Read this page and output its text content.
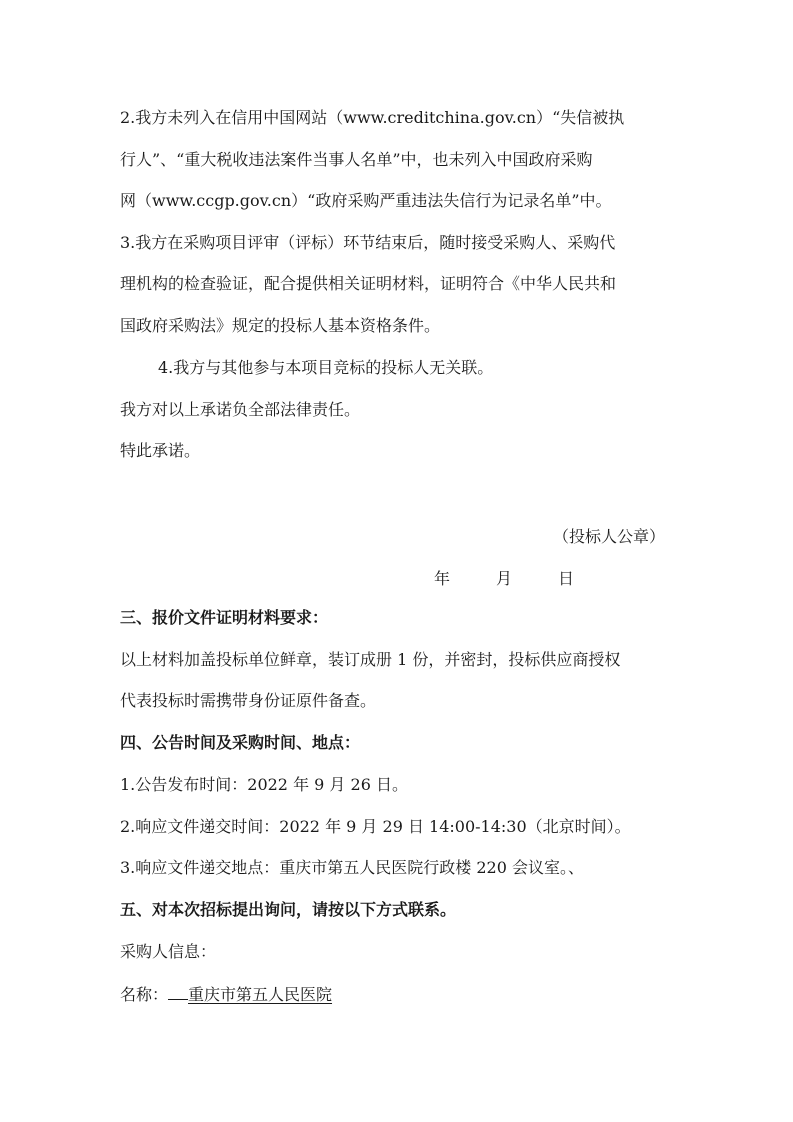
2.我方未列入在信用中国网站（www.creditchina.gov.cn）“失信被执
行人”、“重大税收违法案件当事人名单”中，也未列入中国政府采购
网（www.ccgp.gov.cn）“政府采购严重违法失信行为记录名单”中。
3.我方在采购项目评审（评标）环节结束后，随时接受采购人、采购代
理机构的检查验证，配合提供相关证明材料，证明符合《中华人民共和
国政府采购法》规定的投标人基本资格条件。
4.我方与其他参与本项目竞标的投标人无关联。
我方对以上承诺负全部法律责任。
特此承诺。
（投标人公章）
年	月	日
三、报价文件证明材料要求：
以上材料加盖投标单位鲜章，装订成册 1 份，并密封，投标供应商授权
代表投标时需携带身份证原件备查。
四、公告时间及采购时间、地点：
1.公告发布时间：2022 年 9 月 26 日。
2.响应文件递交时间：2022 年 9 月 29 日 14:00-14:30（北京时间）。
3.响应文件递交地点：重庆市第五人民医院行政楼 220 会议室。、
五、对本次招标提出询问，请按以下方式联系。
采购人信息：
名称： 重庆市第五人民医院
